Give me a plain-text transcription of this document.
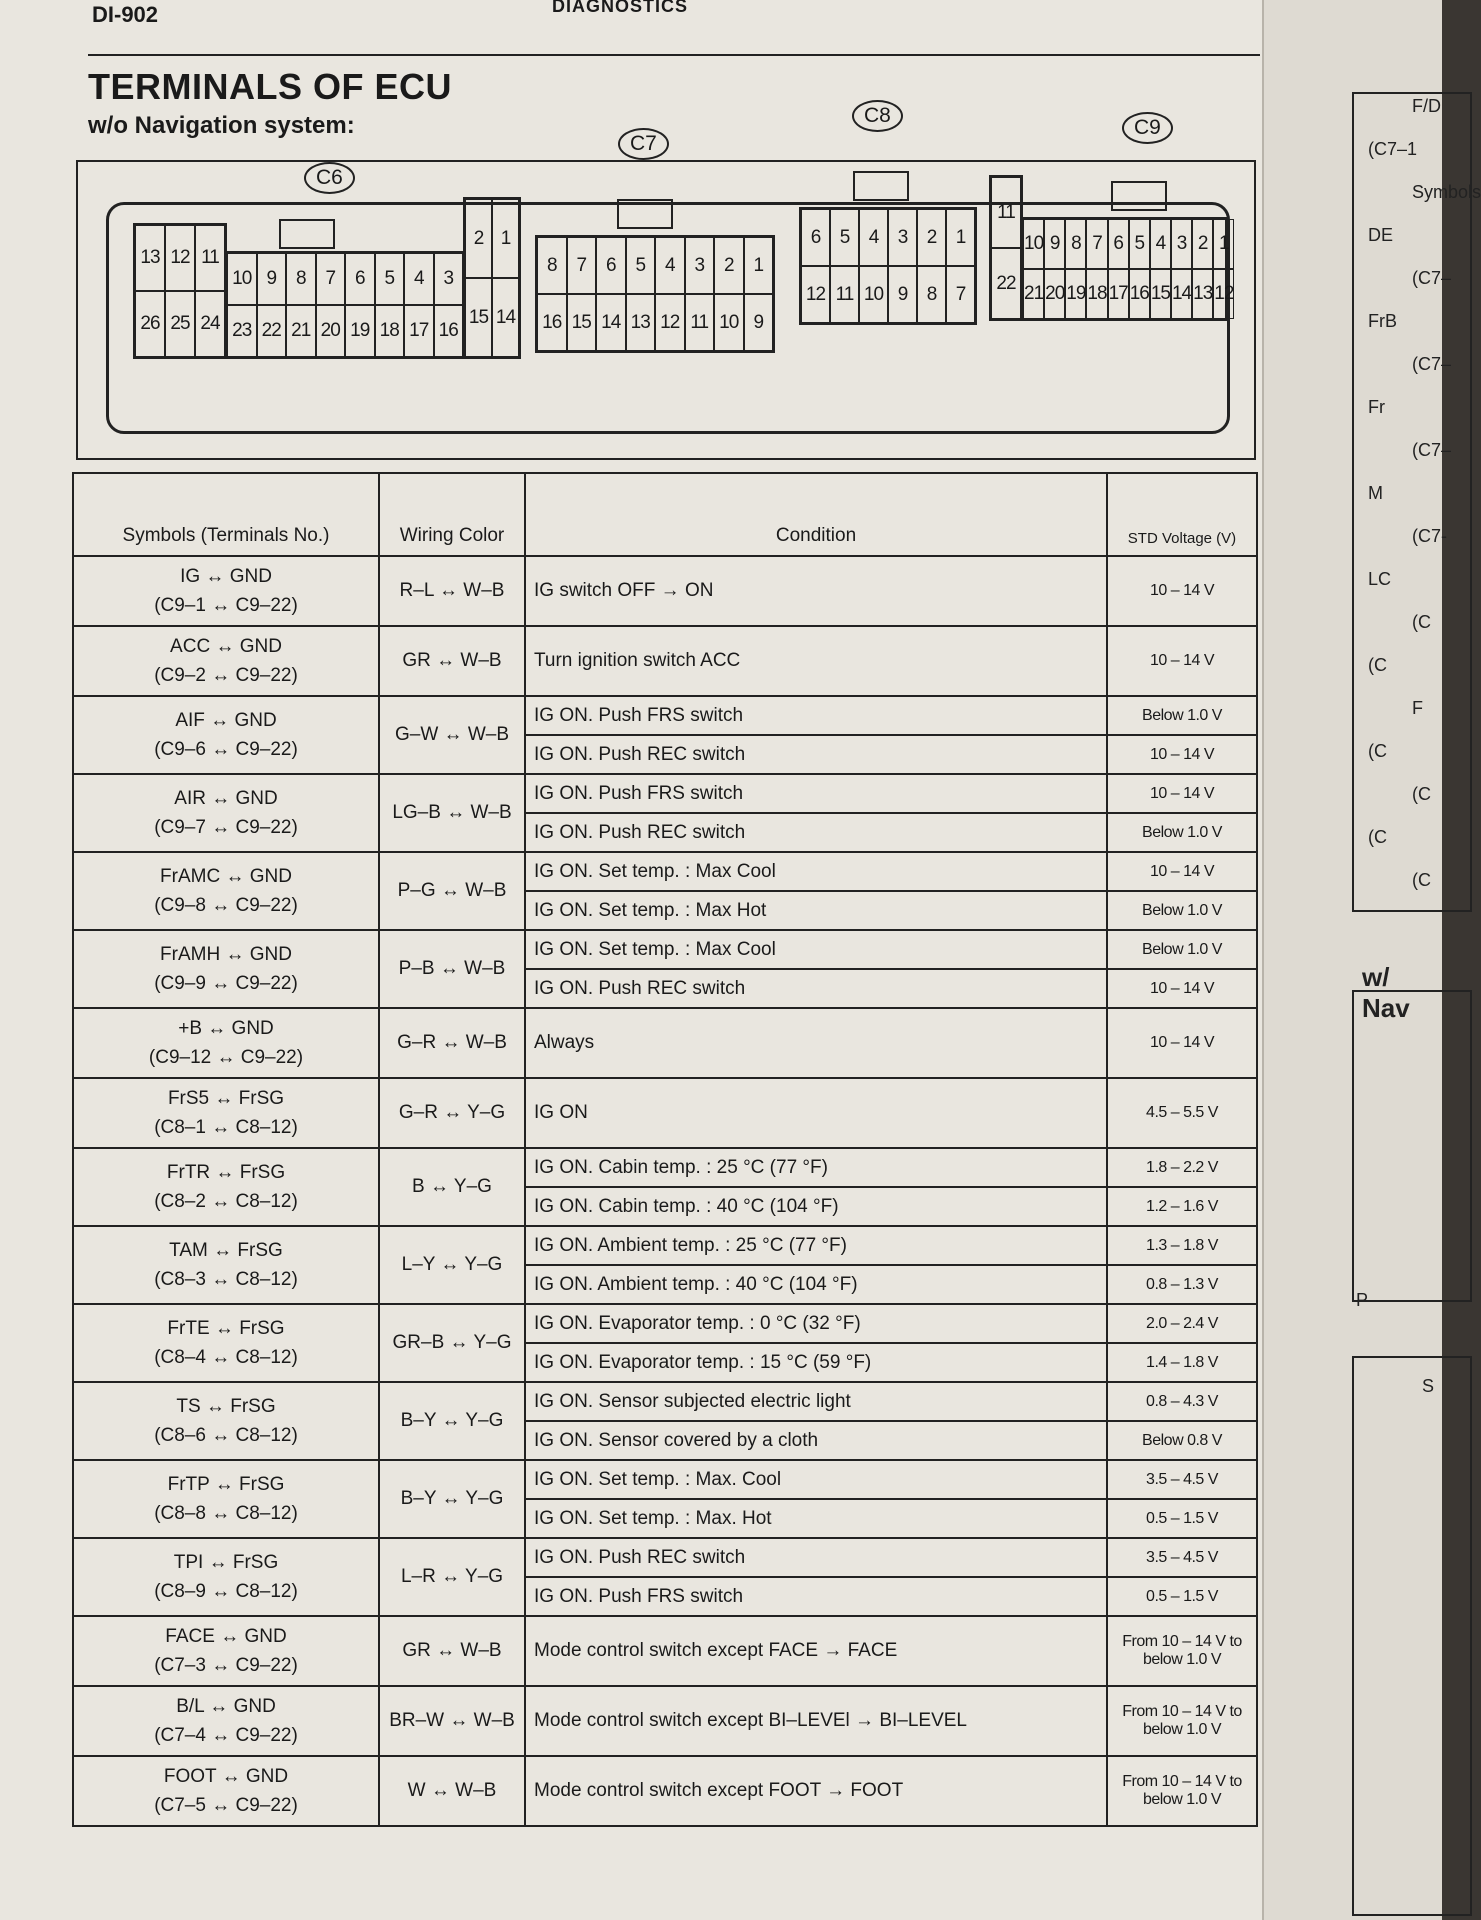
DI-902	DIAGNOSTICS
TERMINALS OF ECU
w/o Navigation system:
C6
C7
C8
C9
13 12 11
26 25 24
10 9	8	7	6	5	4	3
23 22 21 20 19 18 17 16
2 1
15 14
8	7	6	5	4	3	2	1
16 15 14 13 12 11 10 9
6	5	4	3	2	1
12 11 10 9	8	7
11
22
10 9 8 7 6 5 4 3 2 1
21 20 19 18 17 16 15 14 13 12
Symbols (Terminals No.)	Wiring Color	Condition	STD Voltage (V)

IG ↔ GND
(C9–1 ↔ C9–22)	R–L ↔ W–B	IG switch OFF → ON	10 – 14 V

ACC ↔ GND
(C9–2 ↔ C9–22)	GR ↔ W–B	Turn ignition switch ACC	10 – 14 V

AIF ↔ GND
(C9–6 ↔ C9–22)	G–W ↔ W–B	IG ON. Push FRS switch	Below 1.0 V
		IG ON. Push REC switch	10 – 14 V

AIR ↔ GND
(C9–7 ↔ C9–22)	LG–B ↔ W–B	IG ON. Push FRS switch	10 – 14 V
		IG ON. Push REC switch	Below 1.0 V

FrAMC ↔ GND
(C9–8 ↔ C9–22)	P–G ↔ W–B	IG ON. Set temp. : Max Cool	10 – 14 V
		IG ON. Set temp. : Max Hot	Below 1.0 V

FrAMH ↔ GND
(C9–9 ↔ C9–22)	P–B ↔ W–B	IG ON. Set temp. : Max Cool	Below 1.0 V
		IG ON. Push REC switch	10 – 14 V

+B ↔ GND
(C9–12 ↔ C9–22)	G–R ↔ W–B	Always	10 – 14 V

FrS5 ↔ FrSG
(C8–1 ↔ C8–12)	G–R ↔ Y–G	IG ON	4.5 – 5.5 V

FrTR ↔ FrSG
(C8–2 ↔ C8–12)	B ↔ Y–G	IG ON. Cabin temp. : 25 °C (77 °F)	1.8 – 2.2 V
		IG ON. Cabin temp. : 40 °C (104 °F)	1.2 – 1.6 V

TAM ↔ FrSG
(C8–3 ↔ C8–12)	L–Y ↔ Y–G	IG ON. Ambient temp. : 25 °C (77 °F)	1.3 – 1.8 V
		IG ON. Ambient temp. : 40 °C (104 °F)	0.8 – 1.3 V

FrTE ↔ FrSG
(C8–4 ↔ C8–12)	GR–B ↔ Y–G	IG ON. Evaporator temp. : 0 °C (32 °F)	2.0 – 2.4 V
		IG ON. Evaporator temp. : 15 °C (59 °F)	1.4 – 1.8 V

TS ↔ FrSG
(C8–6 ↔ C8–12)	B–Y ↔ Y–G	IG ON. Sensor subjected electric light	0.8 – 4.3 V
		IG ON. Sensor covered by a cloth	Below 0.8 V

FrTP ↔ FrSG
(C8–8 ↔ C8–12)	B–Y ↔ Y–G	IG ON. Set temp. : Max. Cool	3.5 – 4.5 V
		IG ON. Set temp. : Max. Hot	0.5 – 1.5 V

TPI ↔ FrSG
(C8–9 ↔ C8–12)	L–R ↔ Y–G	IG ON. Push REC switch	3.5 – 4.5 V
		IG ON. Push FRS switch	0.5 – 1.5 V

FACE ↔ GND
(C7–3 ↔ C9–22)	GR ↔ W–B	Mode control switch except FACE → FACE	From 10 – 14 V to below 1.0 V

B/L ↔ GND
(C7–4 ↔ C9–22)	BR–W ↔ W–B	Mode control switch except BI–LEVEl → BI–LEVEL	From 10 – 14 V to below 1.0 V

FOOT ↔ GND
(C7–5 ↔ C9–22)	W ↔ W–B	Mode control switch except FOOT → FOOT	From 10 – 14 V to below 1.0 V
w/ Nav
P
S
F/D
(C7–1
Symbols
DE
(C7–
FrB
(C7–
Fr
(C7–
M
(C7-
LC
(C
(C
F
(C
(C
(C
(C
